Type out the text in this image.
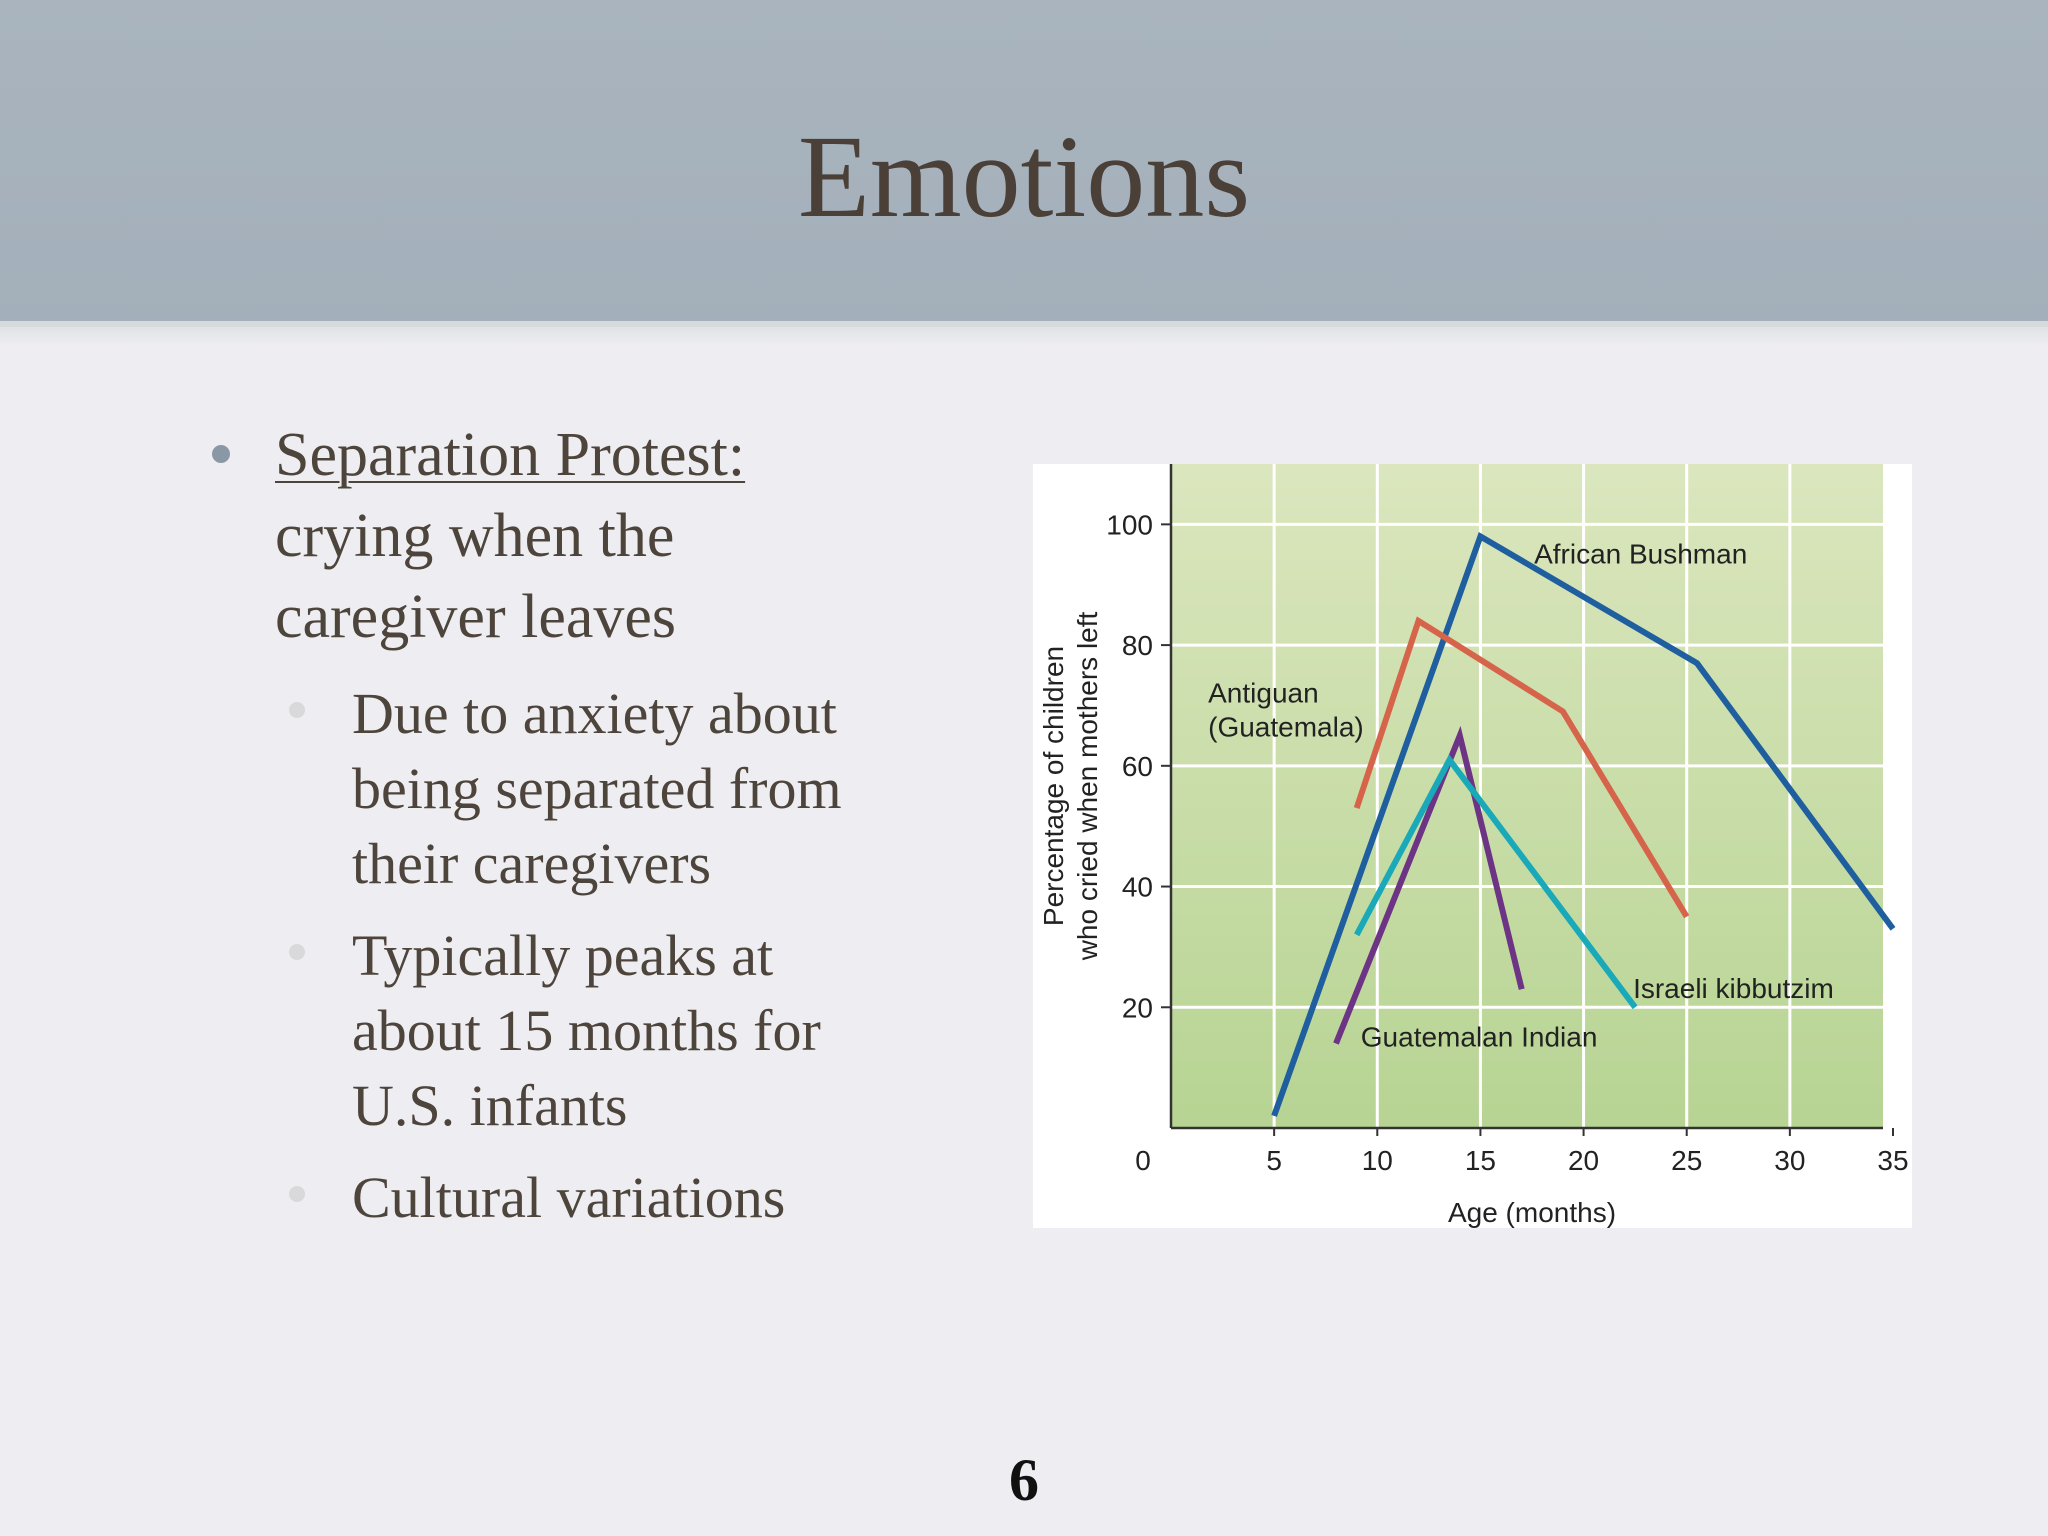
Emotions
Separation Protest:
crying when the
caregiver leaves
Due to anxiety about
being separated from
their caregivers
Typically peaks at
about 15 months for
U.S. infants
Cultural variations
0	5	10	15	20	25	30	35
20
40
60
80
100
African Bushman
Antiguan
(Guatemala)
Guatemalan Indian
Israeli kibbutzim
Age (months)
Percentage of children who cried when mothers left
6
